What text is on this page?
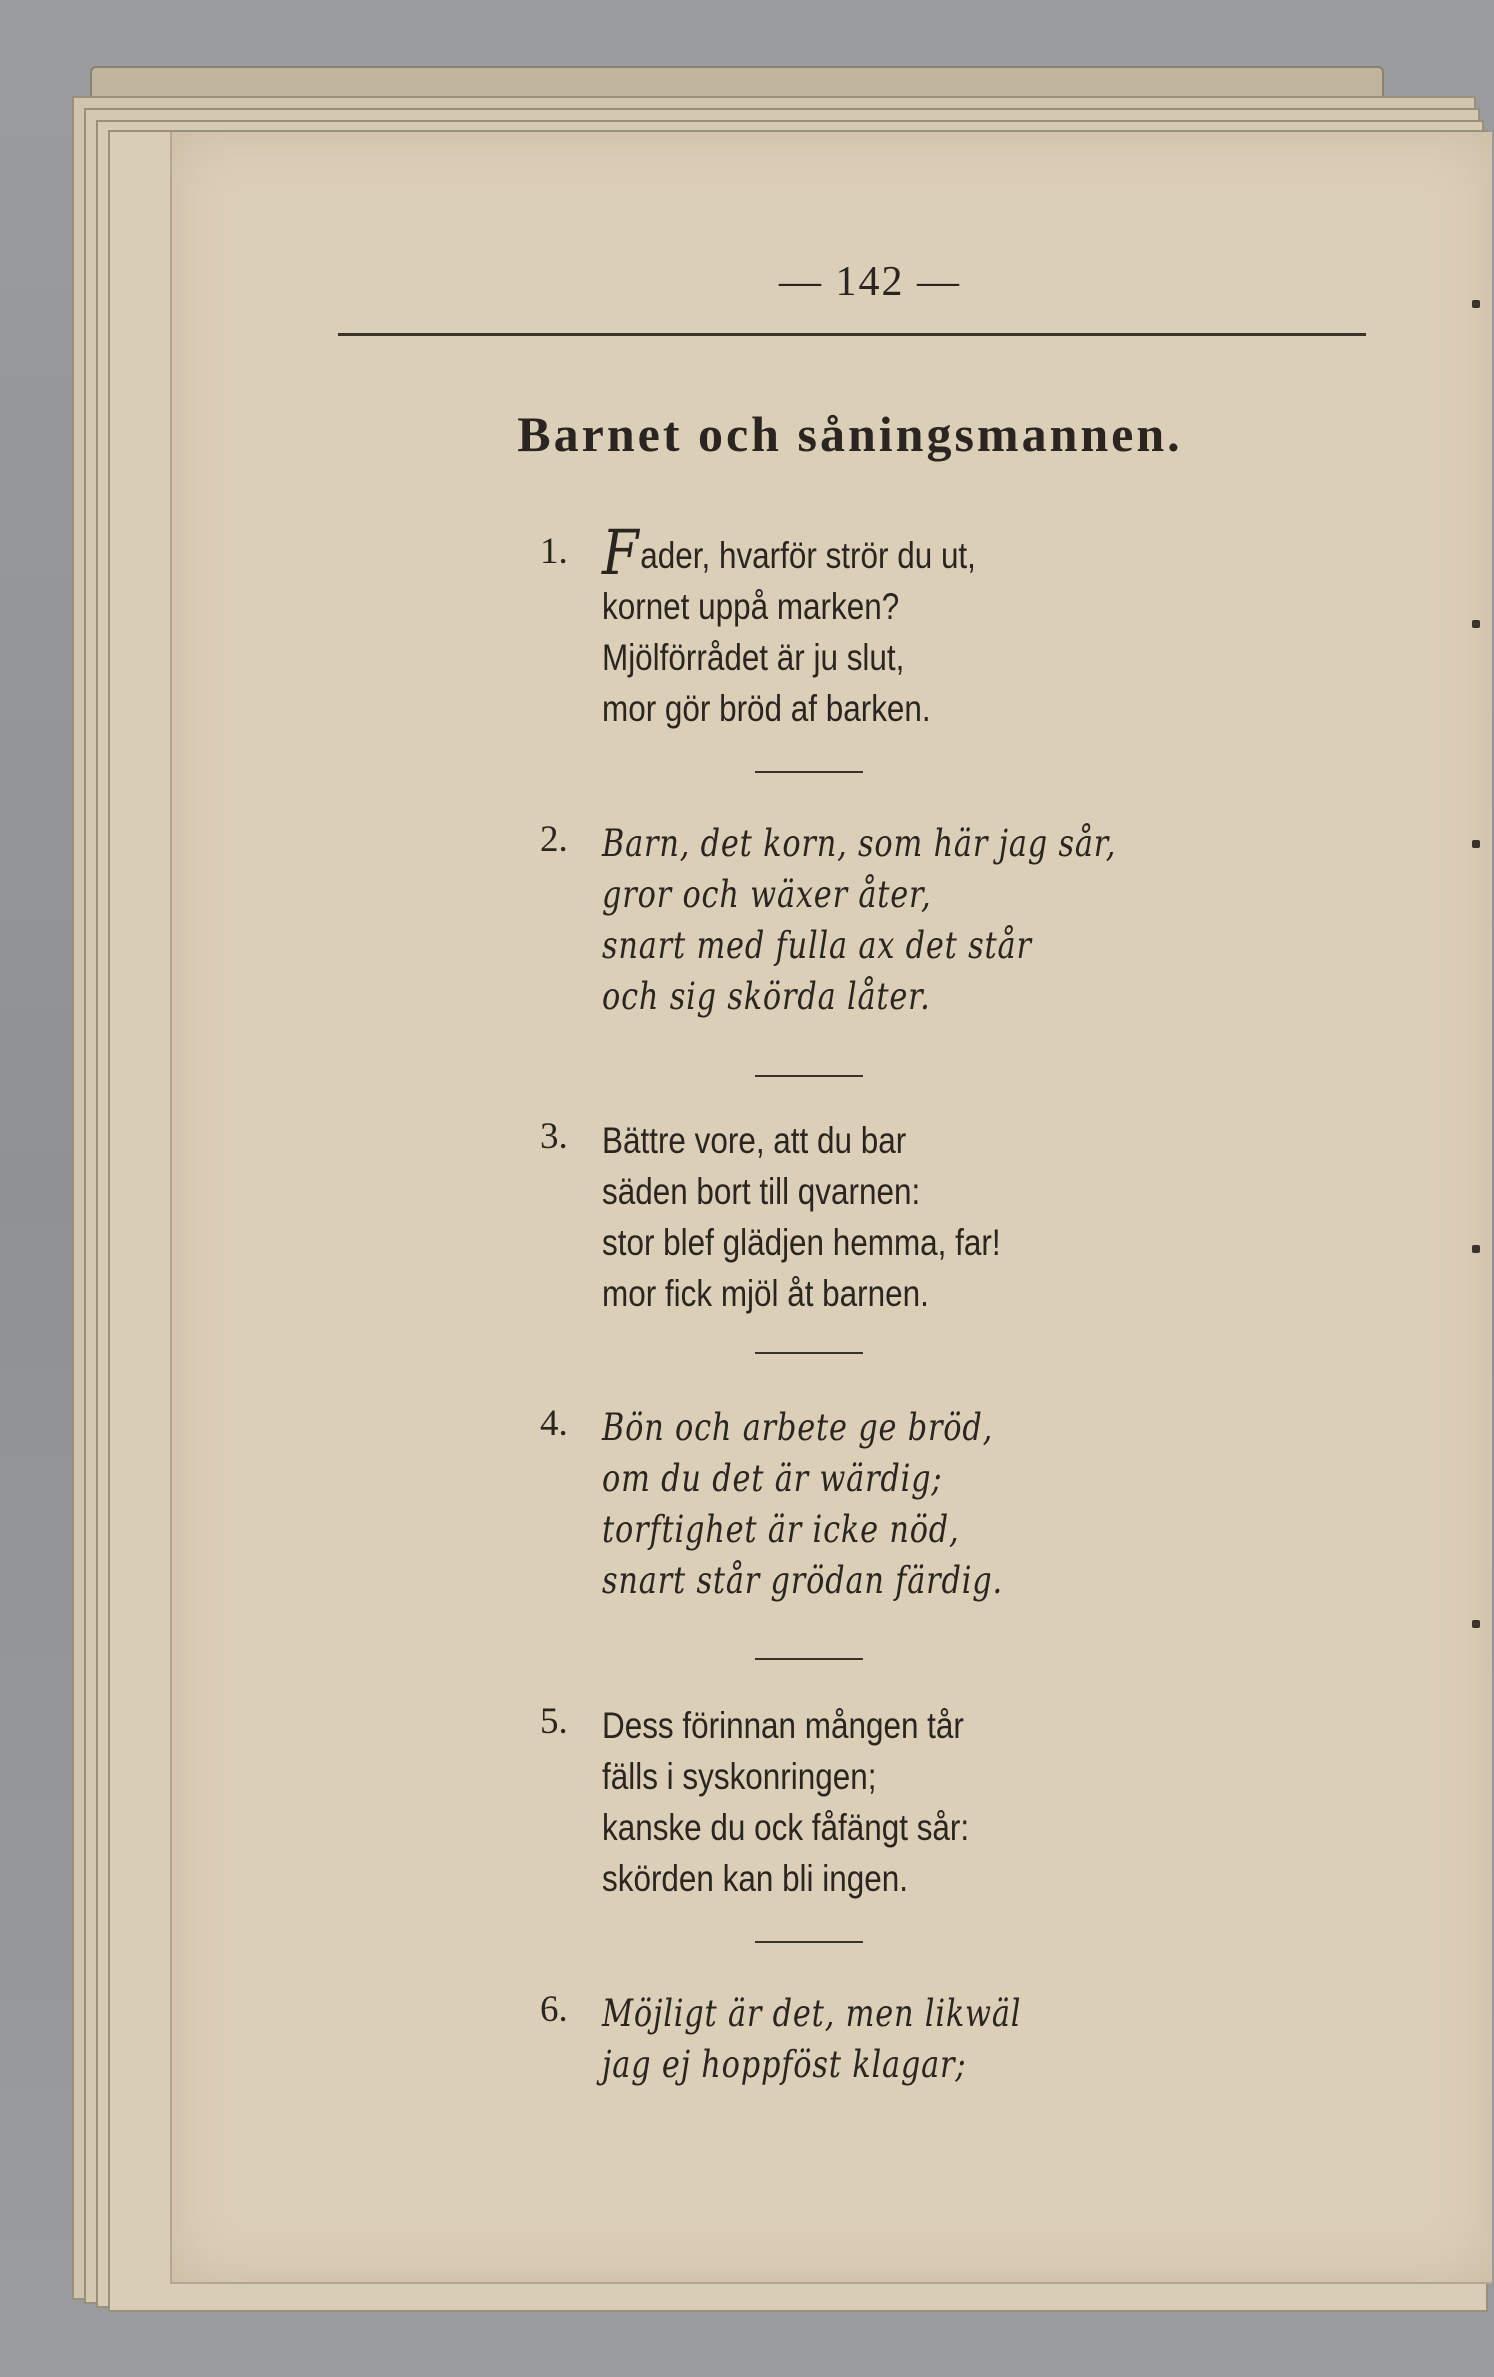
— 142 —
Barnet och såningsmannen.
1. Fader, hvarför strör du ut,
kornet uppå marken?
Mjölförrådet är ju slut,
mor gör bröd af barken.
2. Barn, det korn, som här jag sår,
gror och wäxer åter,
snart med fulla ax det står
och sig skörda låter.
3. Bättre vore, att du bar
säden bort till qvarnen:
stor blef glädjen hemma, far!
mor fick mjöl åt barnen.
4. Bön och arbete ge bröd,
om du det är wärdig;
torftighet är icke nöd,
snart står grödan färdig.
5. Dess förinnan mången tår
fälls i syskonringen;
kanske du ock fåfängt sår:
skörden kan bli ingen.
6. Möjligt är det, men likwäl
jag ej hoppföst klagar;
